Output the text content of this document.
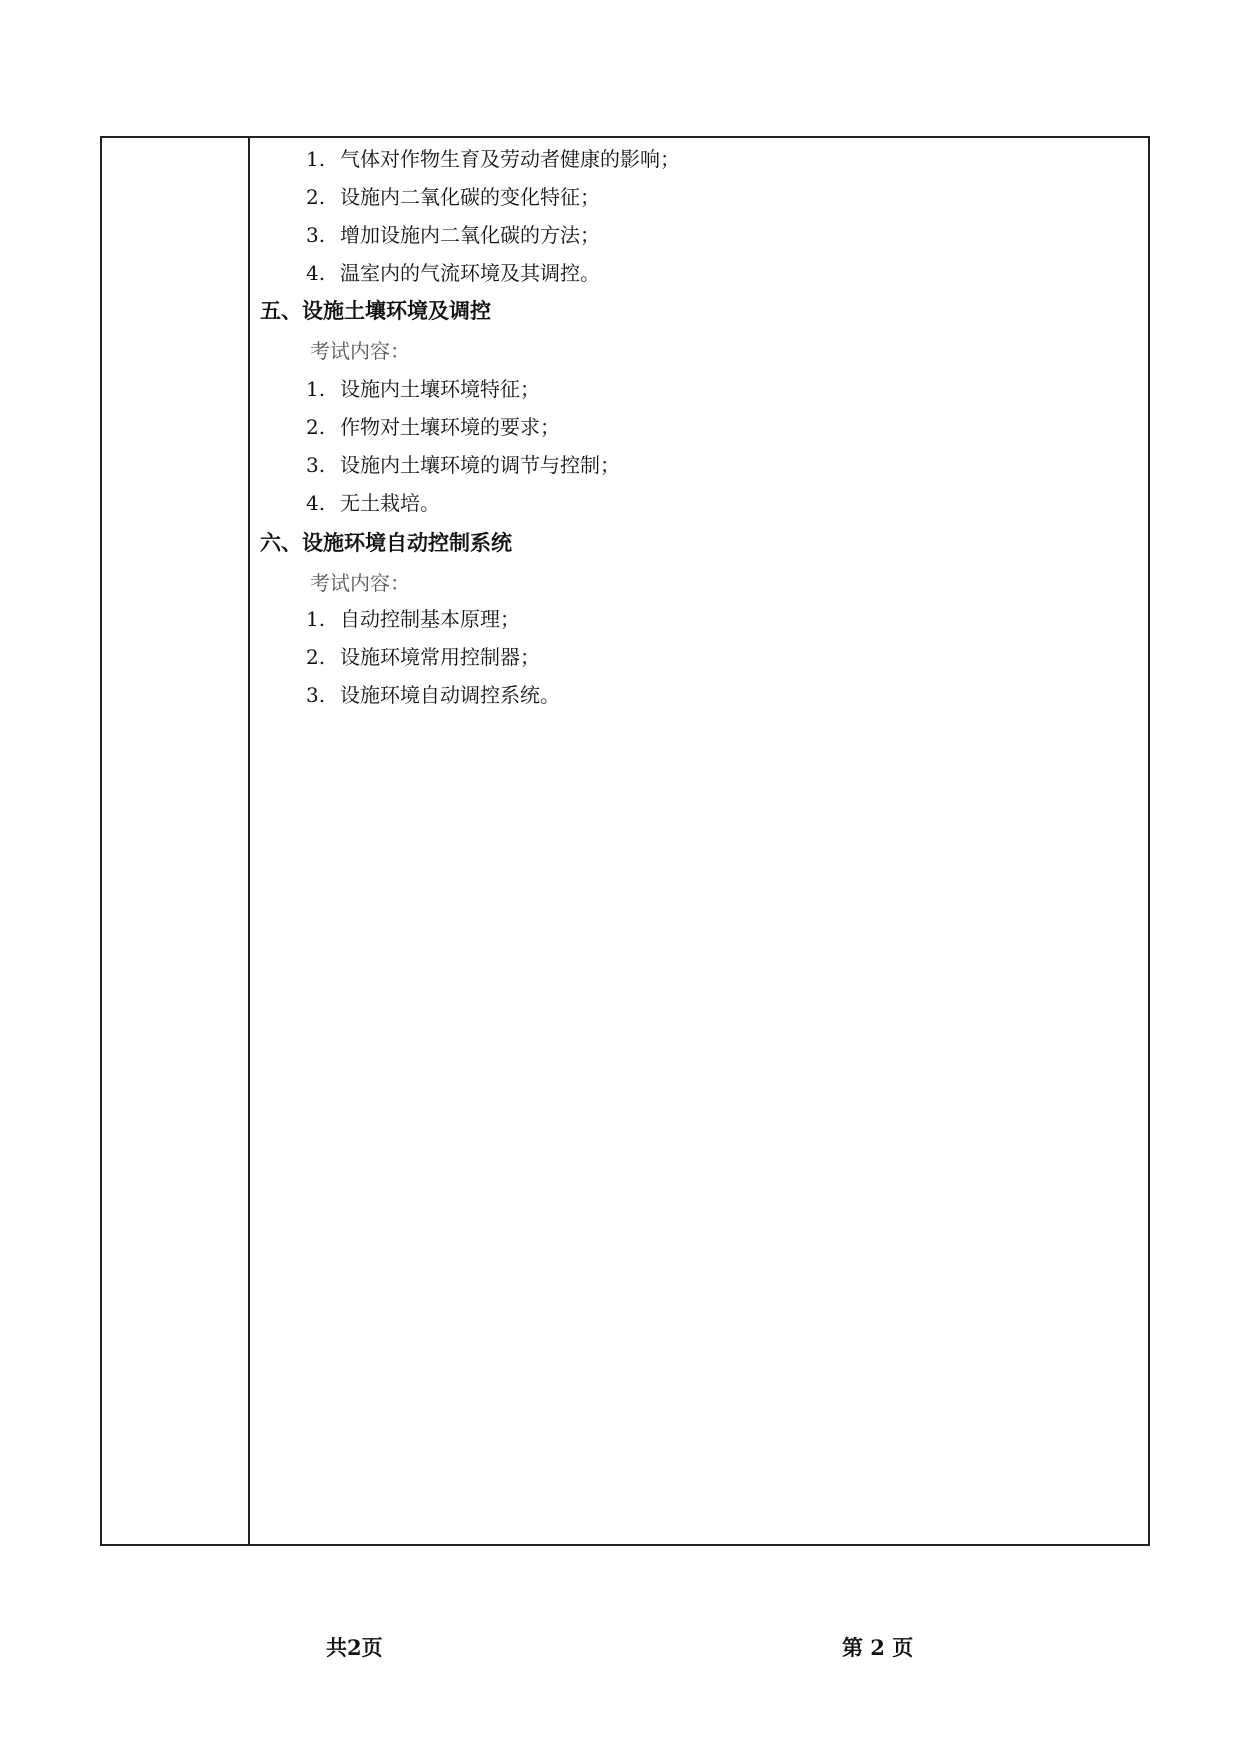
1. 气体对作物生育及劳动者健康的影响；
2. 设施内二氧化碳的变化特征；
3. 增加设施内二氧化碳的方法；
4. 温室内的气流环境及其调控。
五、设施土壤环境及调控
考试内容：
1. 设施内土壤环境特征；
2. 作物对土壤环境的要求；
3. 设施内土壤环境的调节与控制；
4. 无土栽培。
六、设施环境自动控制系统
考试内容：
1. 自动控制基本原理；
2. 设施环境常用控制器；
3. 设施环境自动调控系统。
共2页	第 2 页
